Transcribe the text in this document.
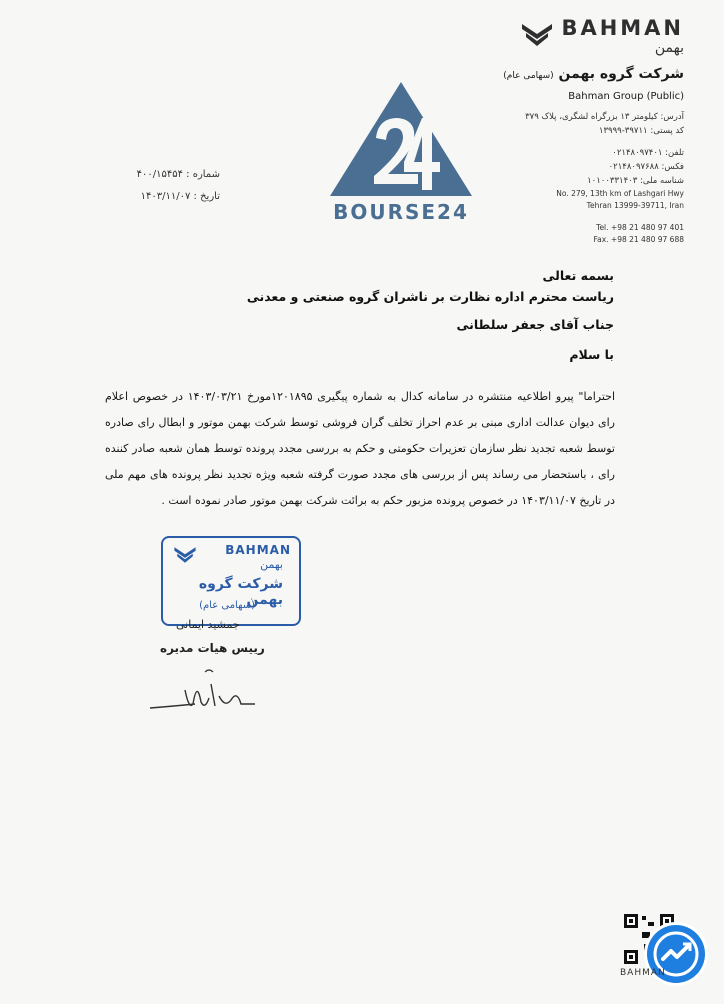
BAHMAN
بهمن
شرکت گروه بهمن (سهامی عام)
Bahman Group (Public)
آدرس: کیلومتر ۱۳ بزرگراه لشگری، پلاک ۳۷۹
کد پستی: ۳۹۷۱۱-۱۳۹۹۹
تلفن: ۰۲۱۴۸۰۹۷۴۰۱
فکس: ۰۲۱۴۸۰۹۷۶۸۸
شناسه ملی: ۱۰۱۰۰۳۳۱۴۰۳
No. 279, 13th km of Lashgari Hwy
Tehran 13999-39711, Iran
Tel. +98 21 480 97 401
Fax. +98 21 480 97 688
BOURSE24
شماره : ۴۰۰/۱۵۴۵۴
تاریخ : ۱۴۰۳/۱۱/۰۷
بسمه تعالی
ریاست محترم اداره نظارت بر ناشران گروه صنعتی و معدنی
جناب آقای جعفر سلطانی
با سلام
احتراما" پیرو اطلاعیه منتشره در سامانه کدال به شماره پیگیری ۱۲۰۱۸۹۵مورخ ۱۴۰۳/۰۳/۲۱ در خصوص اعلام رای دیوان عدالت اداری مبنی بر عدم احراز تخلف گران فروشی توسط شرکت بهمن موتور و ابطال رای صادره توسط شعبه تجدید نظر سازمان تعزیرات حکومتی و حکم به بررسی مجدد پرونده توسط همان شعبه صادر کننده رای ، باستحضار می رساند پس از بررسی های مجدد صورت گرفته شعبه ویژه تجدید نظر پرونده های مهم ملی در تاریخ ۱۴۰۳/۱۱/۰۷ در خصوص پرونده مزبور حکم به برائت شرکت بهمن موتور صادر نموده است .
BAHMAN
بهمن
شرکت گروه بهمن
(سهامی عام)
جمشید ایمانی
رییس هیات مدیره
BAHMAN
